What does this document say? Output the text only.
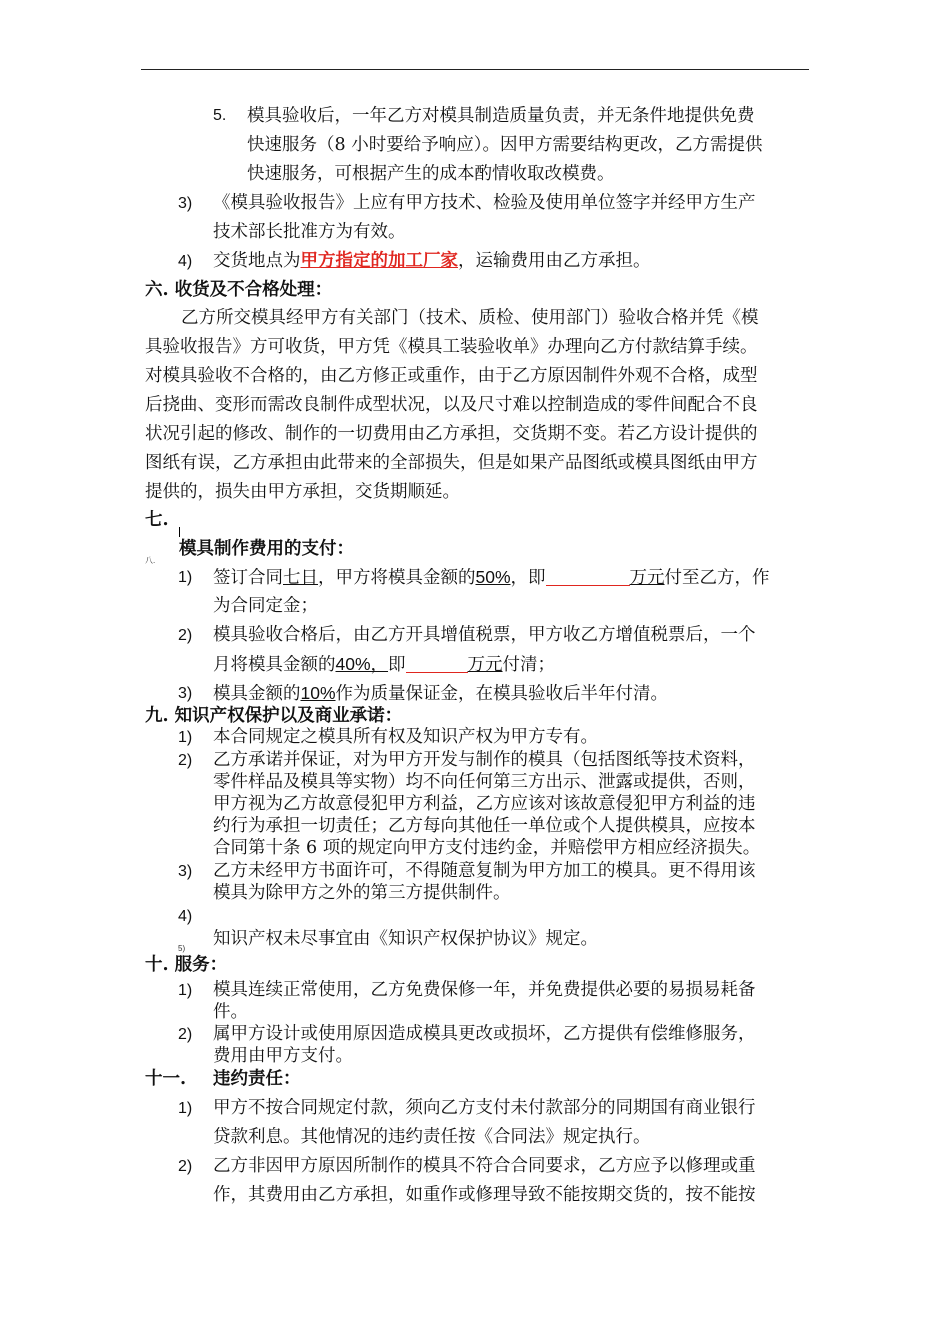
5. 模具验收后，一年乙方对模具制造质量负责，并无条件地提供免费
快速服务（8 小时要给予响应）。因甲方需要结构更改，乙方需提供
快速服务，可根据产生的成本酌情收取改模费。
3) 《模具验收报告》上应有甲方技术、检验及使用单位签字并经甲方生产
技术部长批准方为有效。
4) 交货地点为甲方指定的加工厂家，运输费用由乙方承担。
六. 收货及不合格处理：
乙方所交模具经甲方有关部门（技术、质检、使用部门）验收合格并凭《模
具验收报告》方可收货，甲方凭《模具工装验收单》办理向乙方付款结算手续。
对模具验收不合格的，由乙方修正或重作，由于乙方原因制件外观不合格，成型
后挠曲、变形而需改良制件成型状况，以及尺寸难以控制造成的零件间配合不良
状况引起的修改、制作的一切费用由乙方承担，交货期不变。若乙方设计提供的
图纸有误，乙方承担由此带来的全部损失，但是如果产品图纸或模具图纸由甲方
提供的，损失由甲方承担，交货期顺延。
七.
八.
模具制作费用的支付：
1) 签订合同七日，甲方将模具金额的50%，即	万元付至乙方，作
为合同定金；
2) 模具验收合格后，由乙方开具增值税票，甲方收乙方增值税票后，一个
月将模具金额的40%，即	万元付清；
3) 模具金额的10%作为质量保证金，在模具验收后半年付清。
九. 知识产权保护以及商业承诺：
1) 本合同规定之模具所有权及知识产权为甲方专有。
2) 乙方承诺并保证，对为甲方开发与制作的模具（包括图纸等技术资料，
零件样品及模具等实物）均不向任何第三方出示、泄露或提供，否则，
甲方视为乙方故意侵犯甲方利益，乙方应该对该故意侵犯甲方利益的违
约行为承担一切责任；乙方每向其他任一单位或个人提供模具，应按本
合同第十条 6 项的规定向甲方支付违约金，并赔偿甲方相应经济损失。
3) 乙方未经甲方书面许可，不得随意复制为甲方加工的模具。更不得用该
模具为除甲方之外的第三方提供制件。
4)
知识产权未尽事宜由《知识产权保护协议》规定。
5)
十. 服务：
1) 模具连续正常使用，乙方免费保修一年，并免费提供必要的易损易耗备
件。
2) 属甲方设计或使用原因造成模具更改或损坏，乙方提供有偿维修服务，
费用由甲方支付。
十一. 违约责任：
1) 甲方不按合同规定付款，须向乙方支付未付款部分的同期国有商业银行
贷款利息。其他情况的违约责任按《合同法》规定执行。
2) 乙方非因甲方原因所制作的模具不符合合同要求，乙方应予以修理或重
作，其费用由乙方承担，如重作或修理导致不能按期交货的，按不能按
